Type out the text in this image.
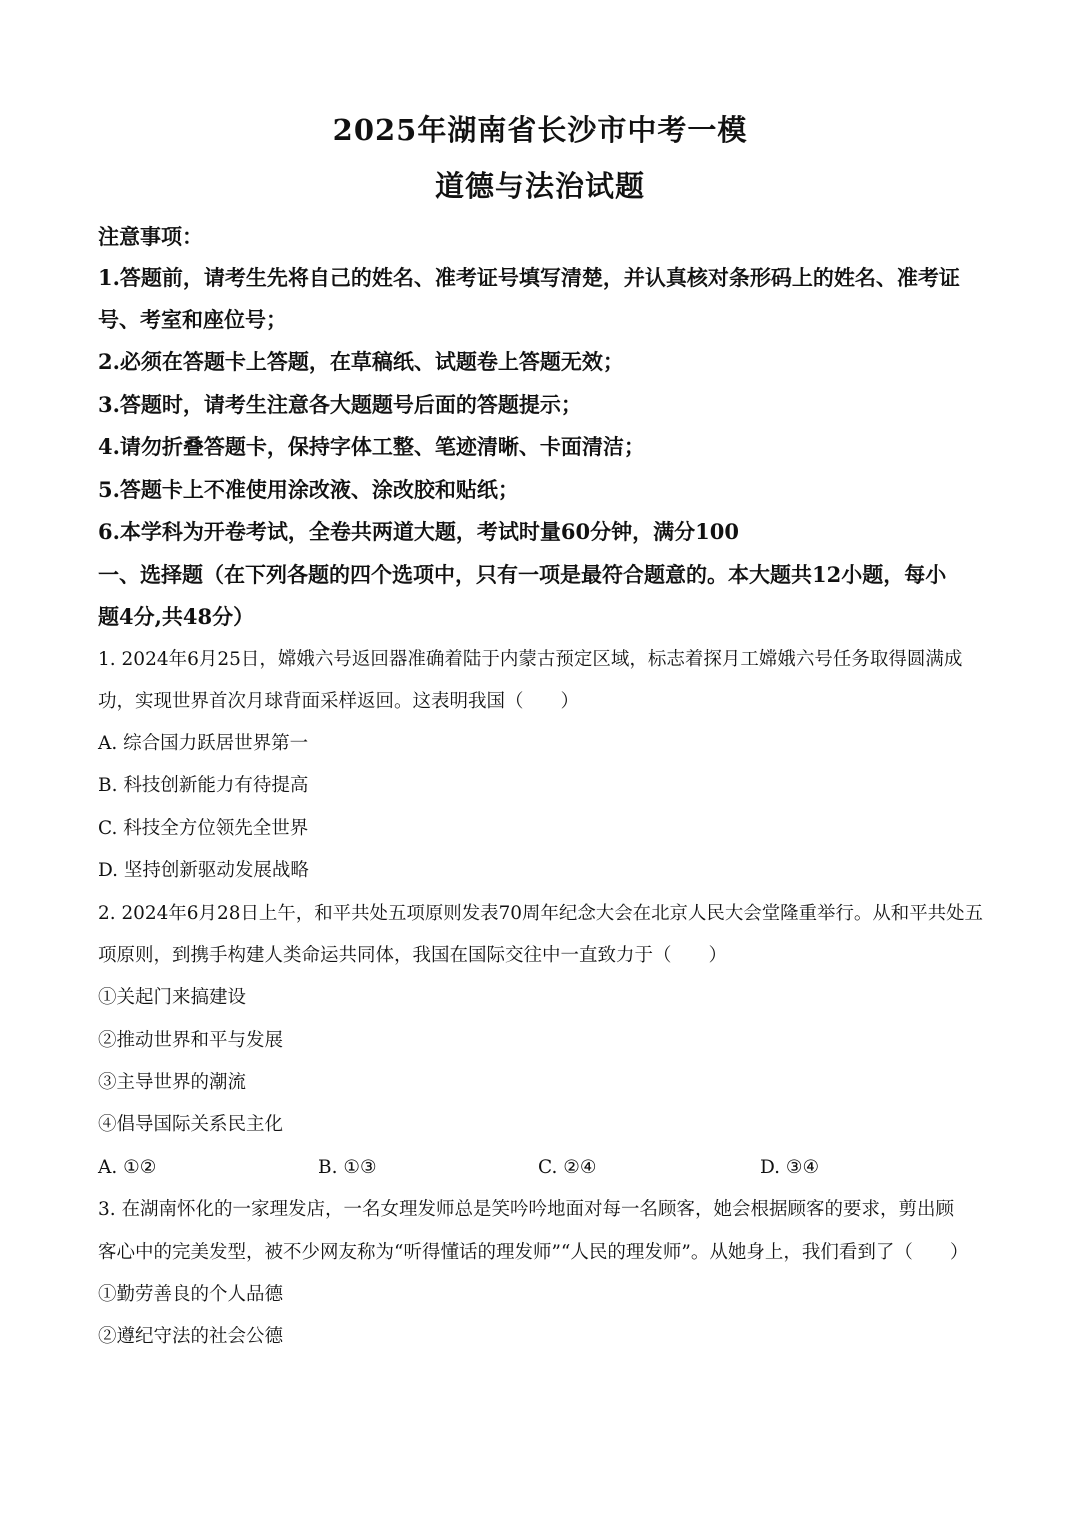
2025年湖南省长沙市中考一模
道德与法治试题
注意事项：
1.答题前，请考生先将自己的姓名、准考证号填写清楚，并认真核对条形码上的姓名、准考证
号、考室和座位号；
2.必须在答题卡上答题，在草稿纸、试题卷上答题无效；
3.答题时，请考生注意各大题题号后面的答题提示；
4.请勿折叠答题卡，保持字体工整、笔迹清晰、卡面清洁；
5.答题卡上不准使用涂改液、涂改胶和贴纸；
6.本学科为开卷考试，全卷共两道大题，考试时量60分钟，满分100
一、选择题（在下列各题的四个选项中，只有一项是最符合题意的。本大题共12小题，每小
题4分,共48分）
1. 2024年6月25日，嫦娥六号返回器准确着陆于内蒙古预定区域，标志着探月工嫦娥六号任务取得圆满成
功，实现世界首次月球背面采样返回。这表明我国（　　）
A. 综合国力跃居世界第一
B. 科技创新能力有待提高
C. 科技全方位领先全世界
D. 坚持创新驱动发展战略
2. 2024年6月28日上午，和平共处五项原则发表70周年纪念大会在北京人民大会堂隆重举行。从和平共处五
项原则，到携手构建人类命运共同体，我国在国际交往中一直致力于（　　）
①关起门来搞建设
②推动世界和平与发展
③主导世界的潮流
④倡导国际关系民主化
A. ①②	B. ①③	C. ②④	D. ③④
3. 在湖南怀化的一家理发店，一名女理发师总是笑吟吟地面对每一名顾客，她会根据顾客的要求，剪出顾
客心中的完美发型，被不少网友称为“听得懂话的理发师”“人民的理发师”。从她身上，我们看到了（　　）
①勤劳善良的个人品德
②遵纪守法的社会公德
